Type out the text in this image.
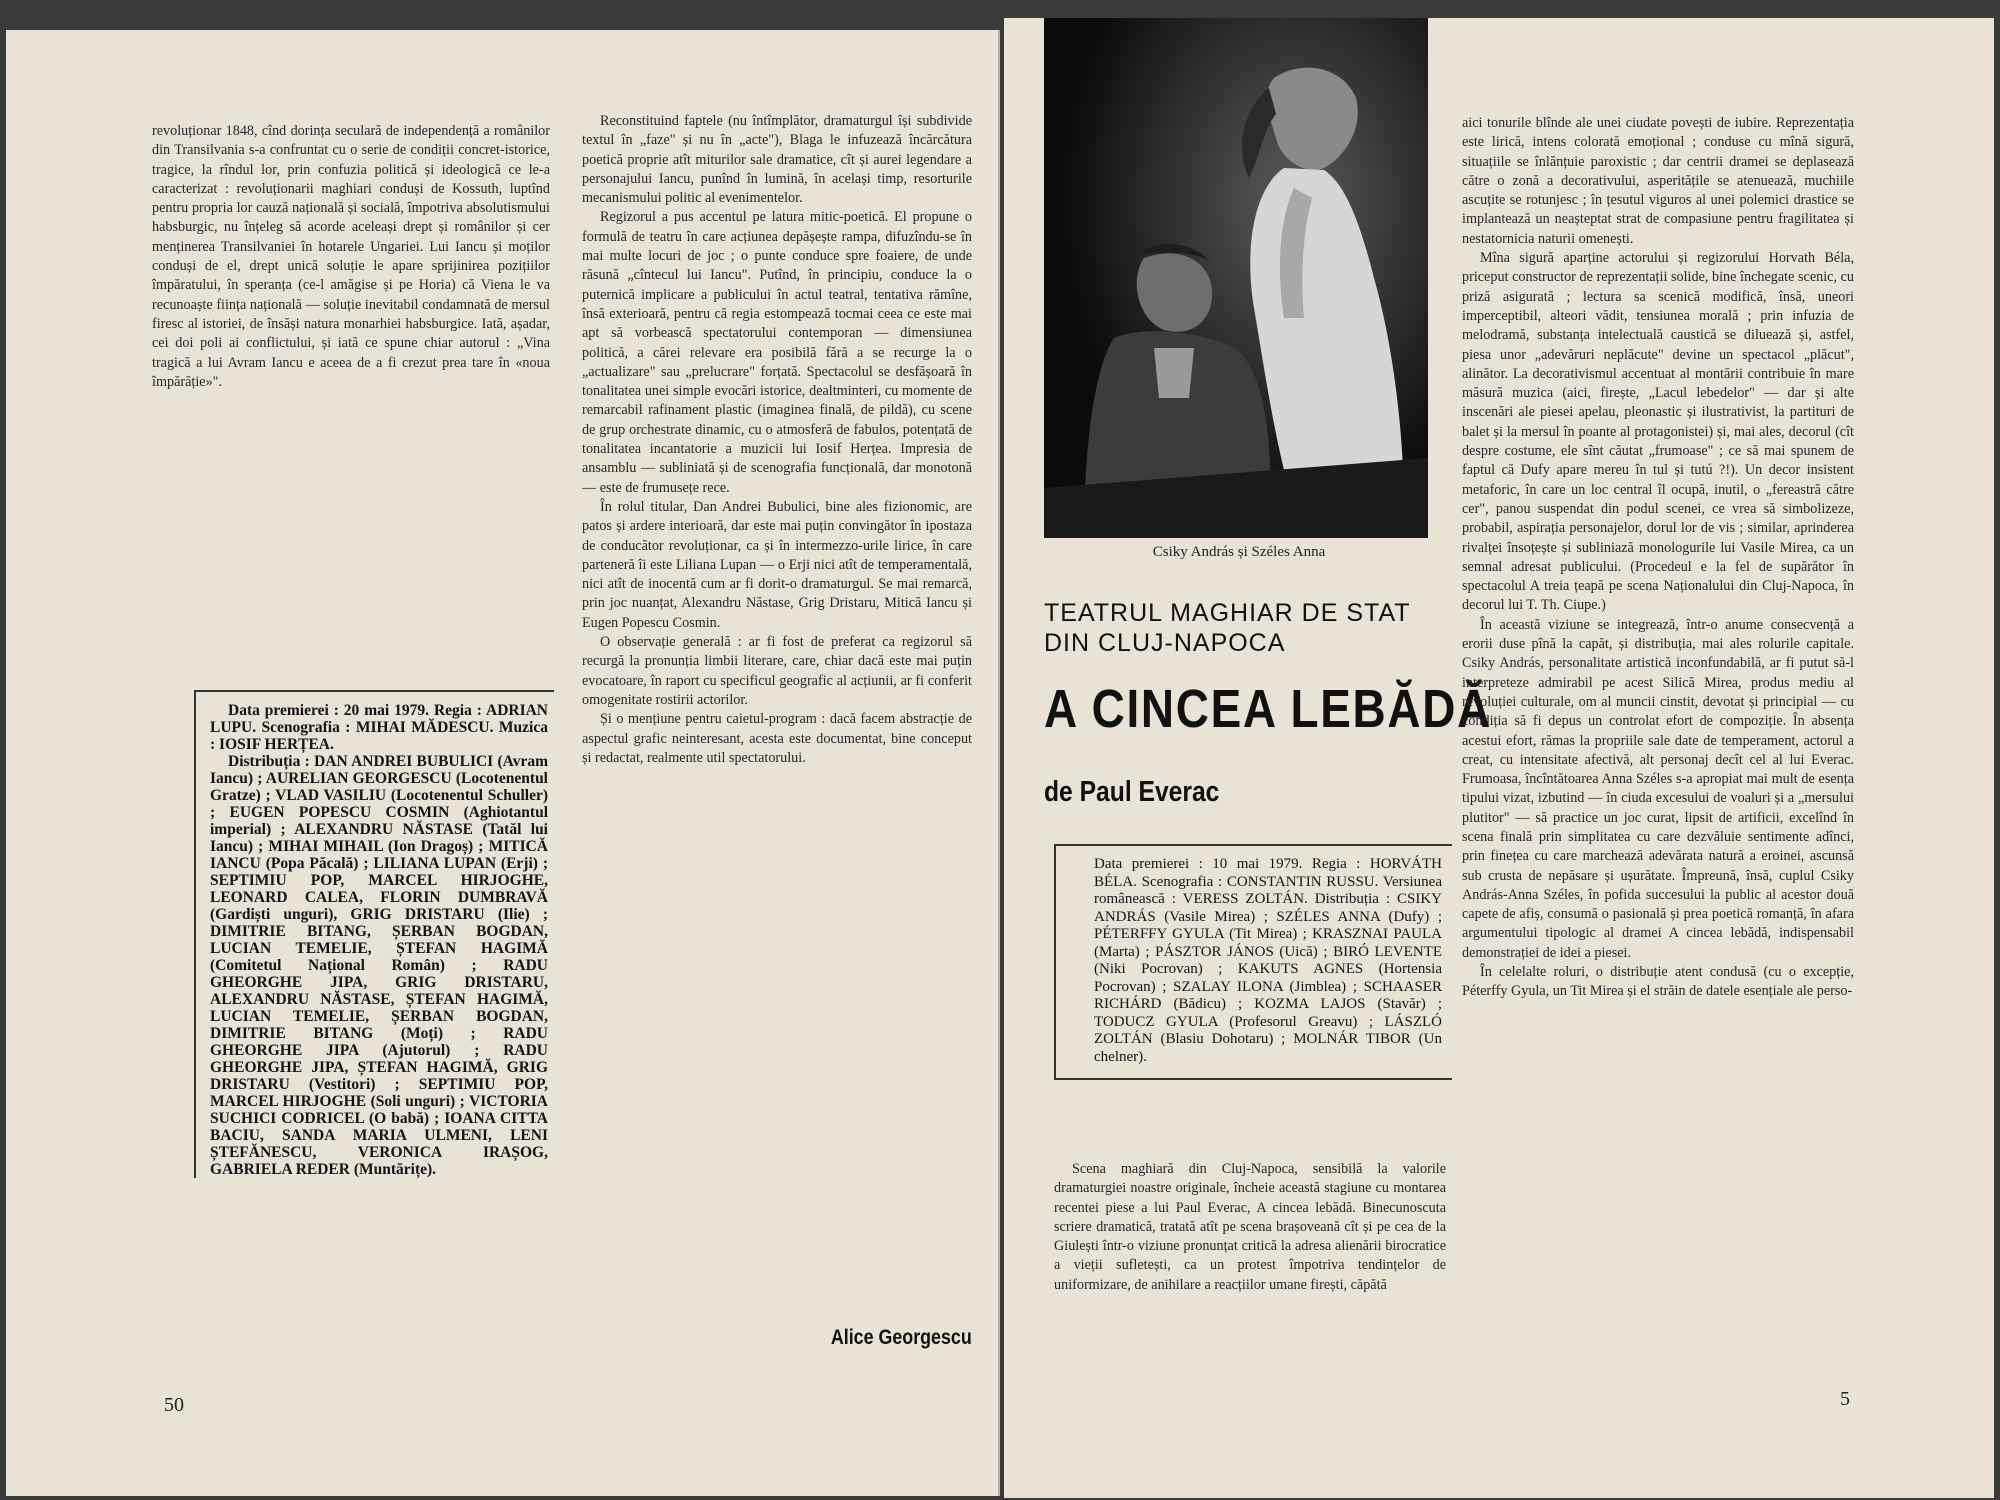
revoluționar 1848, cînd dorința seculară de independență a românilor din Transilvania s-a confruntat cu o serie de condiții concret-istorice, tragice, la rîndul lor, prin confuzia politică și ideologică ce le-a caracterizat : revoluționarii maghiari conduși de Kossuth, luptînd pentru propria lor cauză națională și socială, împotriva absolutismului habsburgic, nu înțeleg să acorde aceleași drept și românilor și cer menținerea Transilvaniei în hotarele Ungariei. Lui Iancu și moților conduși de el, drept unică soluție le apare sprijinirea pozițiilor împăratului, în speranța (ce-l amăgise și pe Horia) că Viena le va recunoaște ființa națională — soluție inevitabil condamnată de mersul firesc al istoriei, de însăși natura monarhiei habsburgice. Iată, așadar, cei doi poli ai conflictului, și iată ce spune chiar autorul : „Vina tragică a lui Avram Iancu e aceea de a fi crezut prea tare în «noua împărăție»".

Data premierei : 20 mai 1979. Regia : ADRIAN LUPU. Scenografia : MIHAI MĂDESCU. Muzica : IOSIF HERȚEA.
Distribuția : DAN ANDREI BUBULICI (Avram Iancu) ; AURELIAN GEORGESCU (Locotenentul Gratze) ; VLAD VASILIU (Locotenentul Schuller) ; EUGEN POPESCU COSMIN (Aghiotantul imperial) ; ALEXANDRU NĂSTASE (Tatăl lui Iancu) ; MIHAI MIHAIL (Ion Dragoș) ; MITICĂ IANCU (Popa Păcală) ; LILIANA LUPAN (Erji) ; SEPTIMIU POP, MARCEL HIRJOGHE, LEONARD CALEA, FLORIN DUMBRAVĂ (Gardiști unguri), GRIG DRISTARU (Ilie) ; DIMITRIE BITANG, ȘERBAN BOGDAN, LUCIAN TEMELIE, ȘTEFAN HAGIMĂ (Comitetul Național Român) ; RADU GHEORGHE JIPA, GRIG DRISTARU, ALEXANDRU NĂSTASE, ȘTEFAN HAGIMĂ, LUCIAN TEMELIE, ȘERBAN BOGDAN, DIMITRIE BITANG (Moți) ; RADU GHEORGHE JIPA (Ajutorul) ; RADU GHEORGHE JIPA, ȘTEFAN HAGIMĂ, GRIG DRISTARU (Vestitori) ; SEPTIMIU POP, MARCEL HIRJOGHE (Soli unguri) ; VICTORIA SUCHICI CODRICEL (O babă) ; IOANA CITTA BACIU, SANDA MARIA ULMENI, LENI ȘTEFĂNESCU, VERONICA IRAȘOG, GABRIELA REDER (Muntărițe).

Reconstituind faptele (nu întîmplător, dramaturgul își subdivide textul în „faze" și nu în „acte"), Blaga le infuzează încărcătura poetică proprie atît miturilor sale dramatice, cît și aurei legendare a personajului Iancu, punînd în lumină, în același timp, resorturile mecanismului politic al evenimentelor.

Regizorul a pus accentul pe latura mitic-poetică. El propune o formulă de teatru în care acțiunea depășește rampa, difuzîndu-se în mai multe locuri de joc ; o punte conduce spre foaiere, de unde răsună „cîntecul lui Iancu". Putînd, în principiu, conduce la o puternică implicare a publicului în actul teatral, tentativa rămîne, însă exterioară, pentru că regia estompează tocmai ceea ce este mai apt să vorbească spectatorului contemporan — dimensiunea politică, a cărei relevare era posibilă fără a se recurge la o „actualizare" sau „prelucrare" forțată. Spectacolul se desfășoară în tonalitatea unei simple evocări istorice, dealtminteri, cu momente de remarcabil rafinament plastic (imaginea finală, de pildă), cu scene de grup orchestrate dinamic, cu o atmosferă de fabulos, potențată de tonalitatea incantatorie a muzicii lui Iosif Herțea. Impresia de ansamblu — subliniată și de scenografia funcțională, dar monotonă — este de frumusețe rece.

În rolul titular, Dan Andrei Bubulici, bine ales fizionomic, are patos și ardere interioară, dar este mai puțin convingător în ipostaza de conducător revoluționar, ca și în intermezzo-urile lirice, în care parteneră îi este Liliana Lupan — o Erji nici atît de temperamentală, nici atît de inocentă cum ar fi dorit-o dramaturgul. Se mai remarcă, prin joc nuanțat, Alexandru Năstase, Grig Dristaru, Mitică Iancu și Eugen Popescu Cosmin.

O observație generală : ar fi fost de preferat ca regizorul să recurgă la pronunția limbii literare, care, chiar dacă este mai puțin evocatoare, în raport cu specificul geografic al acțiunii, ar fi conferit omogenitate rostirii actorilor.

Și o mențiune pentru caietul-program : dacă facem abstracție de aspectul grafic neinteresant, acesta este documentat, bine conceput și redactat, realmente util spectatorului.

Alice Georgescu
50
Csiky András și Széles Anna
TEATRUL MAGHIAR DE STAT
DIN CLUJ-NAPOCA
A CINCEA LEBĂDĂ
de Paul Everac
Data premierei : 10 mai 1979. Regia : HORVÁTH BÉLA. Scenografia : CONSTANTIN RUSSU. Versiunea românească : VERESS ZOLTÁN. Distribuția : CSIKY ANDRÁS (Vasile Mirea) ; SZÉLES ANNA (Dufy) ; PÉTERFFY GYULA (Tit Mirea) ; KRASZNAI PAULA (Marta) ; PÁSZTOR JÁNOS (Uică) ; BIRÓ LEVENTE (Niki Pocrovan) ; KAKUTS AGNES (Hortensia Pocrovan) ; SZALAY ILONA (Jimblea) ; SCHAASER RICHÁRD (Bădicu) ; KOZMA LAJOS (Stavăr) ; TODUCZ GYULA (Profesorul Greavu) ; LÁSZLÓ ZOLTÁN (Blasiu Dohotaru) ; MOLNÁR TIBOR (Un chelner).

Scena maghiară din Cluj-Napoca, sensibilă la valorile dramaturgiei noastre originale, încheie această stagiune cu montarea recentei piese a lui Paul Everac, A cincea lebădă. Binecunoscuta scriere dramatică, tratată atît pe scena brașoveană cît și pe cea de la Giulești într-o viziune pronunțat critică la adresa alienării birocratice a vieții sufletești, ca un protest împotriva tendințelor de uniformizare, de anihilare a reacțiilor umane firești, căpătă

aici tonurile blînde ale unei ciudate povești de iubire. Reprezentația este lirică, intens colorată emoțional ; conduse cu mînă sigură, situațiile se înlănțuie paroxistic ; dar centrii dramei se deplasează către o zonă a decorativului, asperitățile se atenuează, muchiile ascuțite se rotunjesc ; în țesutul viguros al unei polemici drastice se implantează un neașteptat strat de compasiune pentru fragilitatea și nestatornicia naturii omenești.

Mîna sigură aparține actorului și regizorului Horvath Béla, priceput constructor de reprezentații solide, bine închegate scenic, cu priză asigurată ; lectura sa scenică modifică, însă, uneori imperceptibil, alteori vădit, tensiunea morală ; prin infuzia de melodramă, substanța intelectuală caustică se diluează și, astfel, piesa unor „adevăruri neplăcute" devine un spectacol „plăcut", alinător. La decorativismul accentuat al montării contribuie în mare măsură muzica (aici, firește, „Lacul lebedelor" — dar și alte inscenări ale piesei apelau, pleonastic și ilustrativist, la partituri de balet și la mersul în poante al protagonistei) și, mai ales, decorul (cît despre costume, ele sînt căutat „frumoase" ; ce să mai spunem de faptul că Dufy apare mereu în tul și tutú ?!). Un decor insistent metaforic, în care un loc central îl ocupă, inutil, o „fereastră către cer", panou suspendat din podul scenei, ce vrea să simbolizeze, probabil, aspirația personajelor, dorul lor de vis ; similar, aprinderea rivalței însoțește și subliniază monologurile lui Vasile Mirea, ca un semnal adresat publicului. (Procedeul e la fel de supărător în spectacolul A treia țeapă pe scena Naționalului din Cluj-Napoca, în decorul lui T. Th. Ciupe.)

În această viziune se integrează, într-o anume consecvență a erorii duse pînă la capăt, și distribuția, mai ales rolurile capitale. Csiky András, personalitate artistică inconfundabilă, ar fi putut să-l interpreteze admirabil pe acest Silică Mirea, produs mediu al revoluției culturale, om al muncii cinstit, devotat și principial — cu condiția să fi depus un controlat efort de compoziție. În absența acestui efort, rămas la propriile sale date de temperament, actorul a creat, cu intensitate afectivă, alt personaj decît cel al lui Everac. Frumoasa, încîntătoarea Anna Széles s-a apropiat mai mult de esența tipului vizat, izbutind — în ciuda excesului de voaluri și a „mersului plutitor" — să practice un joc curat, lipsit de artificii, excelînd în scena finală prin simplitatea cu care dezvăluie sentimente adînci, prin finețea cu care marchează adevărata natură a eroinei, ascunsă sub crusta de nepăsare și ușurătate. Împreună, însă, cuplul Csiky András-Anna Széles, în pofida succesului la public al acestor două capete de afiș, consumă o pasională și prea poetică romanță, în afara argumentului tipologic al dramei A cincea lebădă, indispensabil demonstrației de idei a piesei.

În celelalte roluri, o distribuție atent condusă (cu o excepție, Péterffy Gyula, un Tit Mirea și el străin de datele esențiale ale perso-

5
